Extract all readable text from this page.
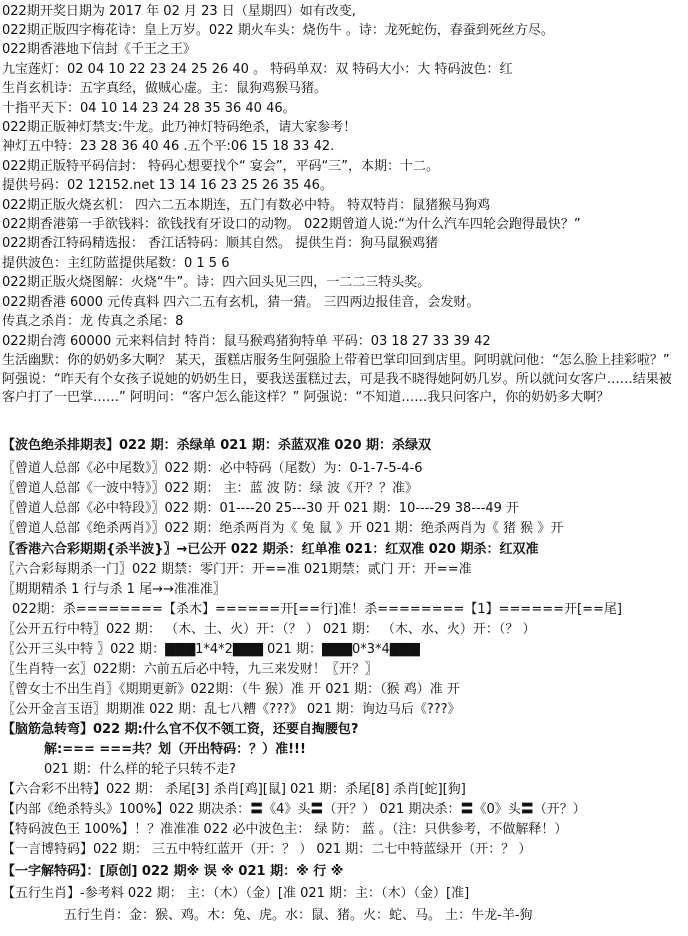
022期开奖日期为 2017 年 02 月 23 日（星期四）如有改变,
022期正版四字梅花诗：皇上万岁。022 期火车头：烧伤牛 。诗：龙死蛇伤，春蚕到死丝方尽。
022期香港地下信封《千王之王》
九宝莲灯：02 04 10 22 23 24 25 26 40 。 特码单双：双 特码大小：大 特码波色：红
生肖玄机诗：五字真经，做贼心虚。主：鼠狗鸡猴马猪。
十指平天下：04 10 14 23 24 28 35 36 40 46。
022期正版神灯禁支:牛龙。此乃神灯特码绝杀，请大家参考！
神灯五中特：23 28 36 40 46 .五个平:06 15 18 33 42.
022期正版特平码信封： 特码心想要找个“ 宴会”，平码“三”，本期：十二。
提供号码：02 12152.net 13 14 16 23 25 26 35 46。
022期正版火烧玄机： 四六二五本期连，五门有数必中特。 特双特肖：鼠猪猴马狗鸡
022期香港第一手欲钱料：欲钱找有牙设口的动物。 022期曾道人说:“为什么汽车四轮会跑得最快？”
022期香江特码精选报： 香江话特码：顺其自然。 提供生肖：狗马鼠猴鸡猪
提供波色：主红防蓝提供尾数：0 1 5 6
022期正版火烧图解：火烧“牛”。诗：四六回头见三四，一二二三特头奖。
022期香港 6000 元传真料 四六二五有玄机，猜一猜。 三四两边报佳音，会发财。
传真之杀肖：龙 传真之杀尾：8
022期台湾 60000 元来料信封 特肖：鼠马猴鸡猪狗特单 平码：03 18 27 33 39 42
生活幽默：你的奶奶多大啊？ 某天，蛋糕店服务生阿强脸上带着巴掌印回到店里。阿明就问他：“怎么脸上挂彩啦？” 阿强说：“昨天有个女孩子说她的奶奶生日，要我送蛋糕过去，可是我不晓得她阿奶几岁。所以就问女客户……结果被 客户打了一巴掌……” 阿明问：“客户怎么能这样？” 阿强说：“不知道……我只问客户，你的奶奶多大啊？
【波色绝杀排期表】022 期：杀绿单 021 期：杀蓝双准 020 期：杀绿双
〖曾道人总部《必中尾数》〗022 期：必中特码（尾数）为：0-1-7-5-4-6
〖曾道人总部《一波中特》〗022 期： 主：蓝 波 防：绿 波《开？？准》
〖曾道人总部《必中特段》〗022 期：01----20 25---30 开 021 期：10----29 38---49 开
〖曾道人总部《绝杀两肖》〗022 期：绝杀两肖为《 兔 鼠 》开 021 期：绝杀两肖为《 猪 猴 》开
〖香港六合彩期期{杀半波}〗→已公开 022 期杀：红单准 021：红双准 020 期杀：红双准
〖六合彩每期杀一门〗022 期禁：零门开：开==准 021期禁：贰门 开：开==准
〖期期精杀 1 行与杀 1 尾→→准准准〗
022期：杀========【杀木】======开[==行]准！杀========【1】======开[==尾]
〖公开五行中特〗022 期： （木、土、火）开：（？ ） 021 期： （木、水、火）开：（？ ）
〖公开三头中特 〗022 期：▇▇▇1*4*2▇▇▇ 021 期：▇▇▇0*3*4▇▇▇
〖生肖特一玄〗022期：六前五后必中特，九三来发财！〖开？〗
〖曾女士不出生肖〗《期期更新》022期：（牛 猴）准 开 021 期：（猴 鸡）准 开
〖公开金言玉语〗期期准 022 期：乱七八糟《???》 021 期：询边马后《???》
【脑筋急转弯】022 期:什么官不仅不领工资，还要自掏腰包?
解:=== ===共？划（开出特码：？）准!!!
021 期：什么样的轮子只转不走?
【六合彩不出特】022 期： 杀尾[3] 杀肖[鸡][鼠] 021 期：杀尾[8] 杀肖[蛇][狗]
【内部《绝杀特头》100%】022 期决杀：〓《4》头〓（开？） 021 期决杀：〓《0》头〓（开？）
【特码波色王 100%】！？准准准 022 必中波色主： 绿 防： 蓝 。（注：只供参考，不做解释！）
【一言博特码】022 期： 三五中特红蓝开（开：？ ） 021 期：二七中特蓝绿开（开：？ ）
【一字解特码】：[原创] 022 期※ 误 ※ 021 期：※ 行 ※
【五行生肖】-参考料 022 期： 主：（木）（金）[准 021 期：主：（木）（金）[准]
五行生肖：金：猴、鸡。木：兔、虎。水：鼠、猪。火：蛇、马。 土：牛龙-羊-狗
